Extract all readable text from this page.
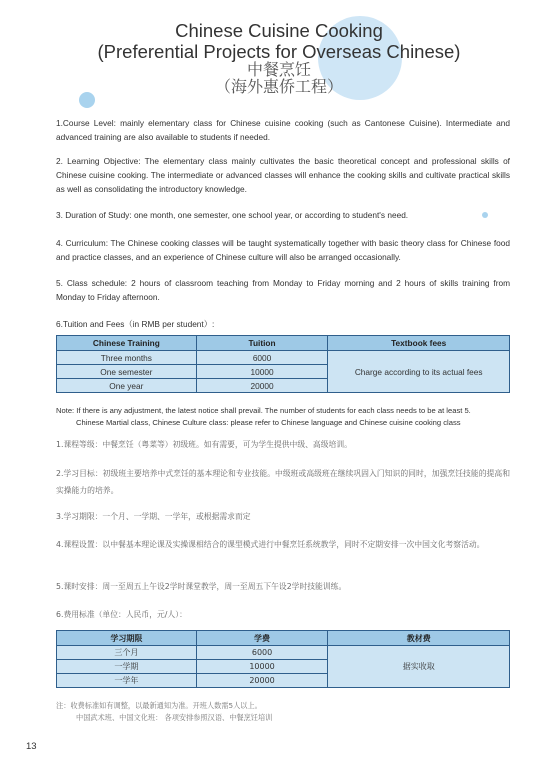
Chinese Cuisine Cooking
(Preferential Projects for Overseas Chinese)
中餐烹饪
（海外惠侨工程）

1.Course Level: mainly elementary class for Chinese cuisine cooking (such as Cantonese Cuisine). Intermediate and advanced training are also available to students if needed.

2. Learning Objective: The elementary class mainly cultivates the basic theoretical concept and professional skills of Chinese cuisine cooking. The intermediate or advanced classes will enhance the cooking skills and cultivate practical skills as well as consolidating the introductory knowledge.

3. Duration of Study: one month, one semester, one school year, or according to student's need.

4. Curriculum: The Chinese cooking classes will be taught systematically together with basic theory class for Chinese food and practice classes, and an experience of Chinese culture will also be arranged occasionally.

5. Class schedule: 2 hours of classroom teaching from Monday to Friday morning and 2 hours of skills training from Monday to Friday afternoon.

6.Tuition and Fees（in RMB per student）:

Chinese Training	Tuition	Textbook fees
Three months	6000	Charge according to its actual fees
One semester	10000	
One year	20000	
Note: If there is any adjustment, the latest notice shall prevail. The number of students for each class needs to be at least 5.
Chinese Martial class, Chinese Culture class: please refer to Chinese language and Chinese cuisine cooking class

1.课程等级：中餐烹饪（粤菜等）初级班。如有需要，可为学生提供中级、高级培训。

2.学习目标：初级班主要培养中式烹饪的基本理论和专业技能。中级班或高级班在继续巩固入门知识的同时，加强烹饪技能的提高和实操能力的培养。

3.学习期限：一个月、一学期、一学年，或根据需求而定

4.课程设置：以中餐基本理论课及实操课相结合的课型模式进行中餐烹饪系统教学，同时不定期安排一次中国文化考察活动。

5.课时安排：周一至周五上午设2学时课堂教学，周一至周五下午设2学时技能训练。

6.费用标准（单位：人民币，元/人）：

学习期限	学费	教材费
三个月	6000	据实收取
一学期	10000	
一学年	20000	
注：收费标准如有调整，以最新通知为准。开班人数需5人以上。
中国武术班、中国文化班： 各项安排参照汉语、中餐烹饪培训
13
